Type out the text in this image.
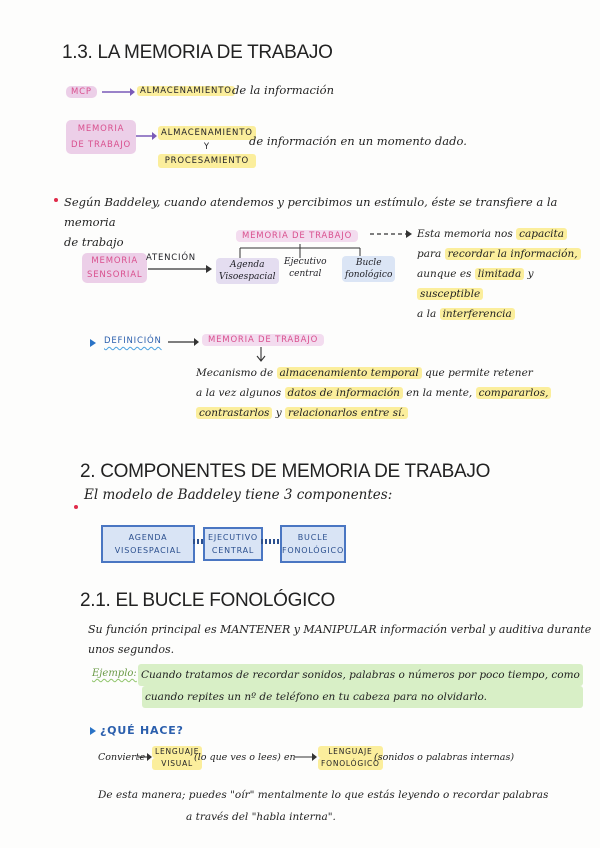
1.3. LA MEMORIA DE TRABAJO
MCP	ALMACENAMIENTO de la información
MEMORIA
DE TRABAJO
ALMACENAMIENTO
Y
PROCESAMIENTO
de información en un momento dado.
Según Baddeley, cuando atendemos y percibimos un estímulo, éste se transfiere a la memoria
de trabajo
MEMORIA
SENSORIAL
ATENCIÓN
MEMORIA DE TRABAJO
Agenda
Visoespacial
Ejecutivo
central
Bucle
fonológico
Esta memoria nos capacita
para recordar la información,
aunque es limitada y susceptible
a la interferencia
DEFINICIÓN	MEMORIA DE TRABAJO
Mecanismo de almacenamiento temporal que permite retener
a la vez algunos datos de información en la mente, compararlos,
contrastarlos y relacionarlos entre sí.
2. COMPONENTES DE MEMORIA DE TRABAJO
El modelo de Baddeley tiene 3 componentes:
AGENDA
VISOESPACIAL
EJECUTIVO
CENTRAL
BUCLE
FONOLÓGICO
2.1. EL BUCLE FONOLÓGICO
Su función principal es MANTENER y MANIPULAR información verbal y auditiva durante
unos segundos.
Ejemplo: Cuando tratamos de recordar sonidos, palabras o números por poco tiempo, como
cuando repites un nº de teléfono en tu cabeza para no olvidarlo.
¿QUÉ HACE?
Convierte
LENGUAJE
VISUAL
(lo que ves o lees) en
LENGUAJE
FONOLÓGICO
(sonidos o palabras internas)
De esta manera; puedes "oír" mentalmente lo que estás leyendo o recordar palabras
a través del "habla interna".
